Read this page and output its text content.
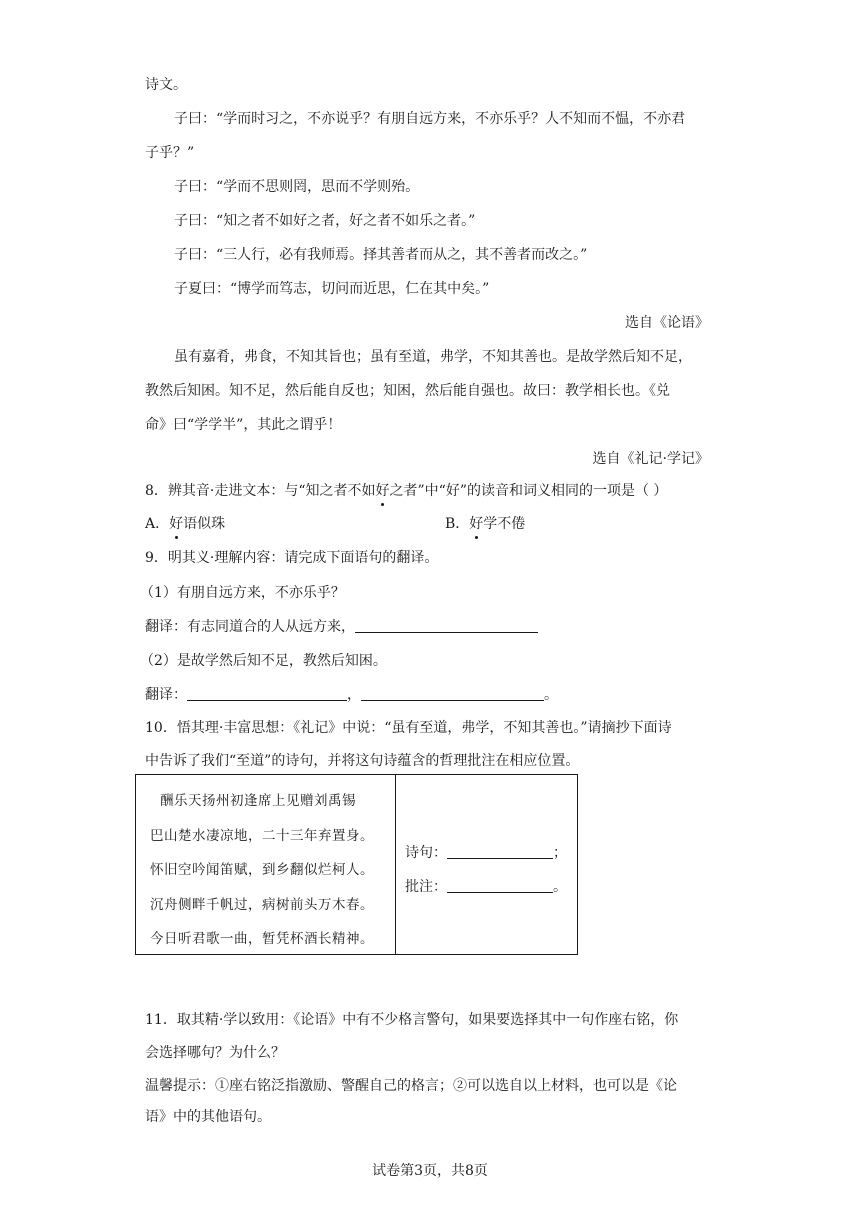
诗文。
子曰：“学而时习之，不亦说乎？有朋自远方来，不亦乐乎？人不知而不愠，不亦君
子乎？”
子曰：“学而不思则罔，思而不学则殆。
子曰：“知之者不如好之者，好之者不如乐之者。”
子曰：“三人行，必有我师焉。择其善者而从之，其不善者而改之。”
子夏曰：“博学而笃志，切问而近思，仁在其中矣。”
选自《论语》
虽有嘉肴，弗食，不知其旨也；虽有至道，弗学，不知其善也。是故学然后知不足，
教然后知困。知不足，然后能自反也；知困，然后能自强也。故曰：教学相长也。《兑
命》曰“学学半”，其此之谓乎！
选自《礼记·学记》
8．辨其音·走进文本：与“知之者不如好之者”中“好”的读音和词义相同的一项是（ ）
A．好语似珠	B．好学不倦
9．明其义·理解内容：请完成下面语句的翻译。
（1）有朋自远方来，不亦乐乎？
翻译：有志同道合的人从远方来，
（2）是故学然后知不足，教然后知困。
翻译：	，	。
10．悟其理·丰富思想：《礼记》中说：“虽有至道，弗学，不知其善也。”请摘抄下面诗
中告诉了我们“至道”的诗句，并将这句诗蕴含的哲理批注在相应位置。
酬乐天扬州初逢席上见赠刘禹锡
巴山楚水凄凉地，二十三年弃置身。
怀旧空吟闻笛赋，到乡翻似烂柯人。
沉舟侧畔千帆过，病树前头万木春。
今日听君歌一曲，暂凭杯酒长精神。
诗句：	；
批注：	。
11．取其精·学以致用：《论语》中有不少格言警句，如果要选择其中一句作座右铭，你
会选择哪句？为什么？
温馨提示：①座右铭泛指激励、警醒自己的格言；②可以选自以上材料，也可以是《论
语》中的其他语句。
试卷第3页，共8页
